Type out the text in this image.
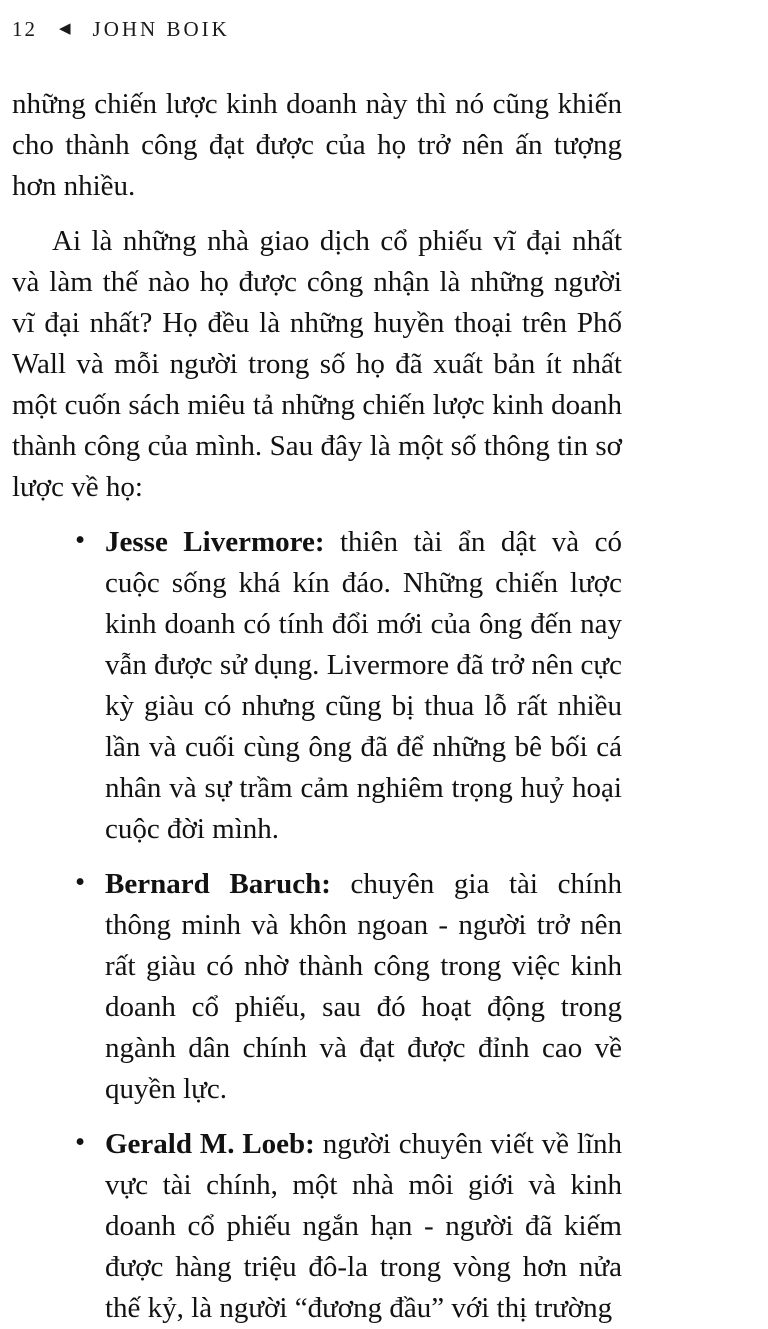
12 ◀ JOHN BOIK

những chiến lược kinh doanh này thì nó cũng khiến cho thành công đạt được của họ trở nên ấn tượng hơn nhiều.

Ai là những nhà giao dịch cổ phiếu vĩ đại nhất và làm thế nào họ được công nhận là những người vĩ đại nhất? Họ đều là những huyền thoại trên Phố Wall và mỗi người trong số họ đã xuất bản ít nhất một cuốn sách miêu tả những chiến lược kinh doanh thành công của mình. Sau đây là một số thông tin sơ lược về họ:

• Jesse Livermore: thiên tài ẩn dật và có cuộc sống khá kín đáo. Những chiến lược kinh doanh có tính đổi mới của ông đến nay vẫn được sử dụng. Livermore đã trở nên cực kỳ giàu có nhưng cũng bị thua lỗ rất nhiều lần và cuối cùng ông đã để những bê bối cá nhân và sự trầm cảm nghiêm trọng huỷ hoại cuộc đời mình.
• Bernard Baruch: chuyên gia tài chính thông minh và khôn ngoan - người trở nên rất giàu có nhờ thành công trong việc kinh doanh cổ phiếu, sau đó hoạt động trong ngành dân chính và đạt được đỉnh cao về quyền lực.
• Gerald M. Loeb: người chuyên viết về lĩnh vực tài chính, một nhà môi giới và kinh doanh cổ phiếu ngắn hạn - người đã kiếm được hàng triệu đô-la trong vòng hơn nửa thế kỷ, là người “đương đầu” với thị trường
